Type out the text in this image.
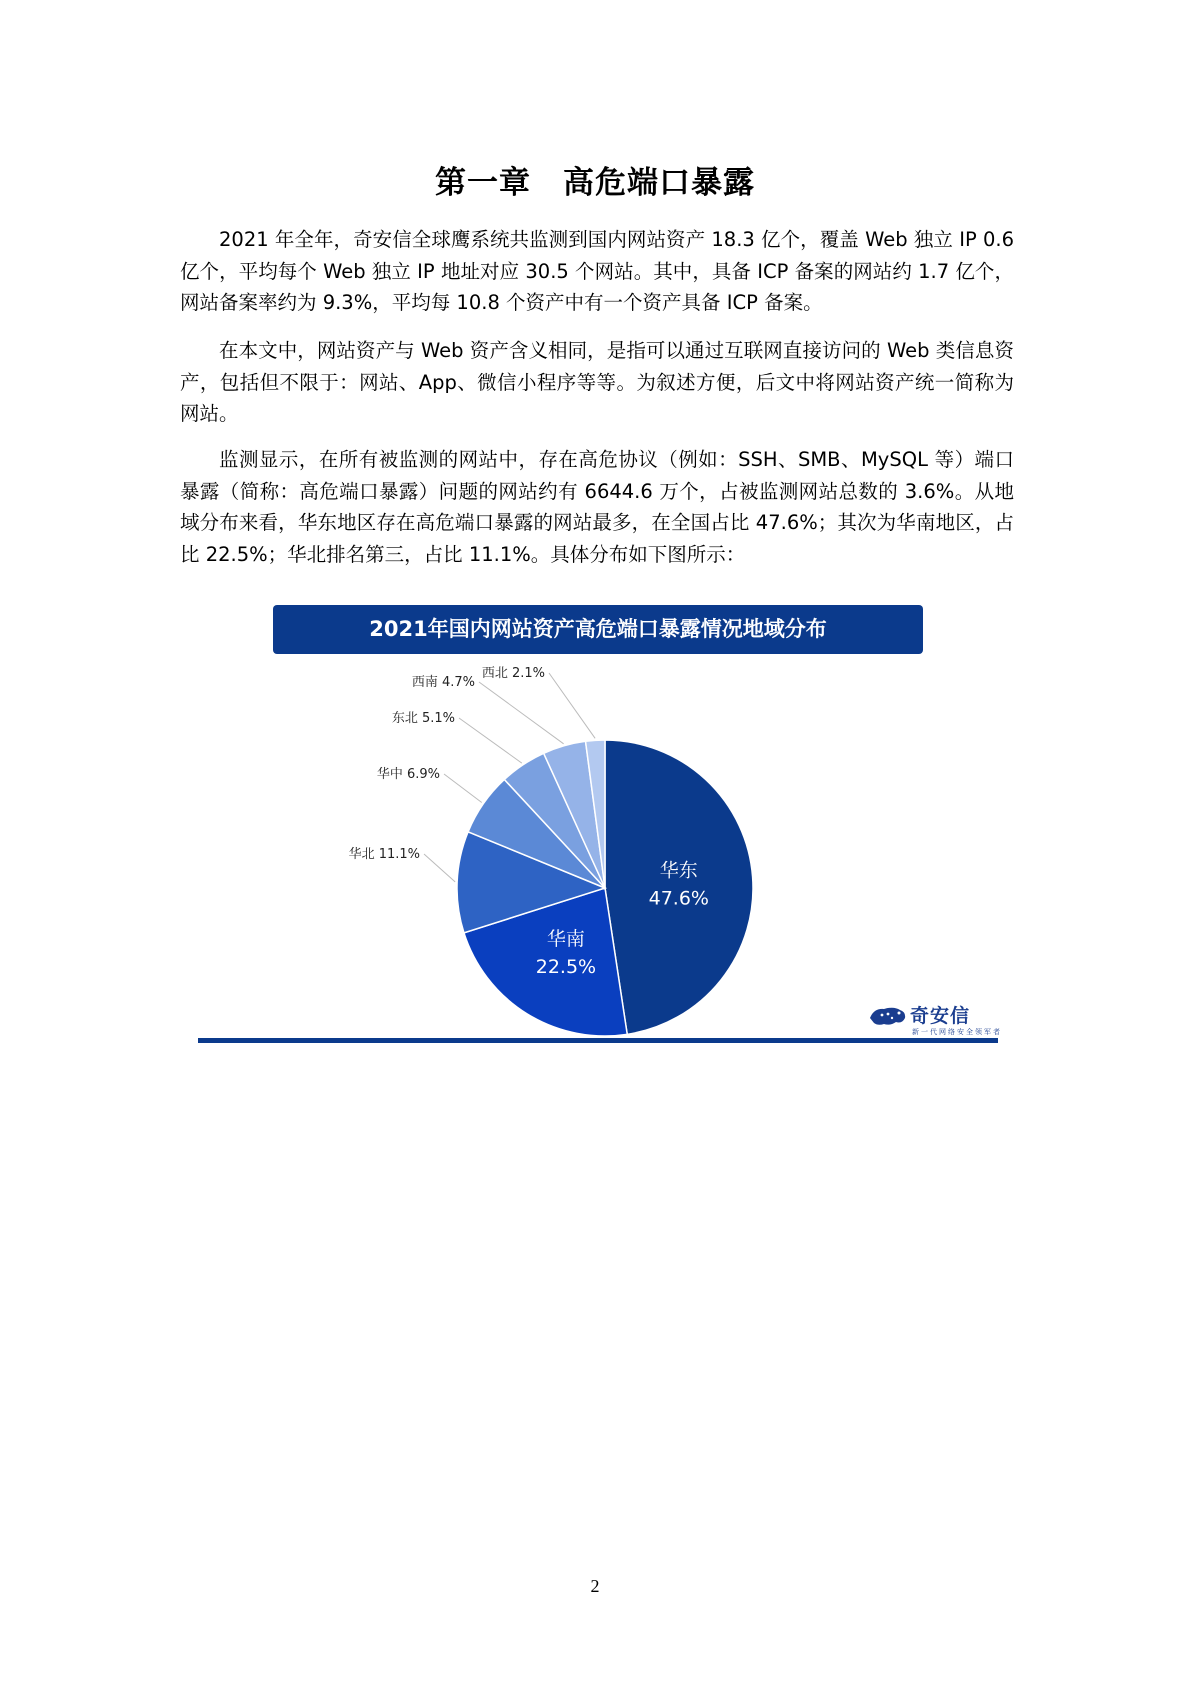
第一章　高危端口暴露

2021 年全年，奇安信全球鹰系统共监测到国内网站资产 18.3 亿个，覆盖 Web 独立 IP 0.6 亿个，平均每个 Web 独立 IP 地址对应 30.5 个网站。其中，具备 ICP 备案的网站约 1.7 亿个，网站备案率约为 9.3%，平均每 10.8 个资产中有一个资产具备 ICP 备案。

在本文中，网站资产与 Web 资产含义相同，是指可以通过互联网直接访问的 Web 类信息资产，包括但不限于：网站、App、微信小程序等等。为叙述方便，后文中将网站资产统一简称为网站。

监测显示，在所有被监测的网站中，存在高危协议（例如：SSH、SMB、MySQL 等）端口暴露（简称：高危端口暴露）问题的网站约有 6644.6 万个，占被监测网站总数的 3.6%。从地域分布来看，华东地区存在高危端口暴露的网站最多，在全国占比 47.6%；其次为华南地区，占比 22.5%；华北排名第三，占比 11.1%。具体分布如下图所示：

2021年国内网站资产高危端口暴露情况地域分布
华东
47.6%
华南
22.5%
华北 11.1%
华中 6.9%
东北 5.1%
西南 4.7%
西北 2.1%
奇安信
新一代网络安全领军者
2
